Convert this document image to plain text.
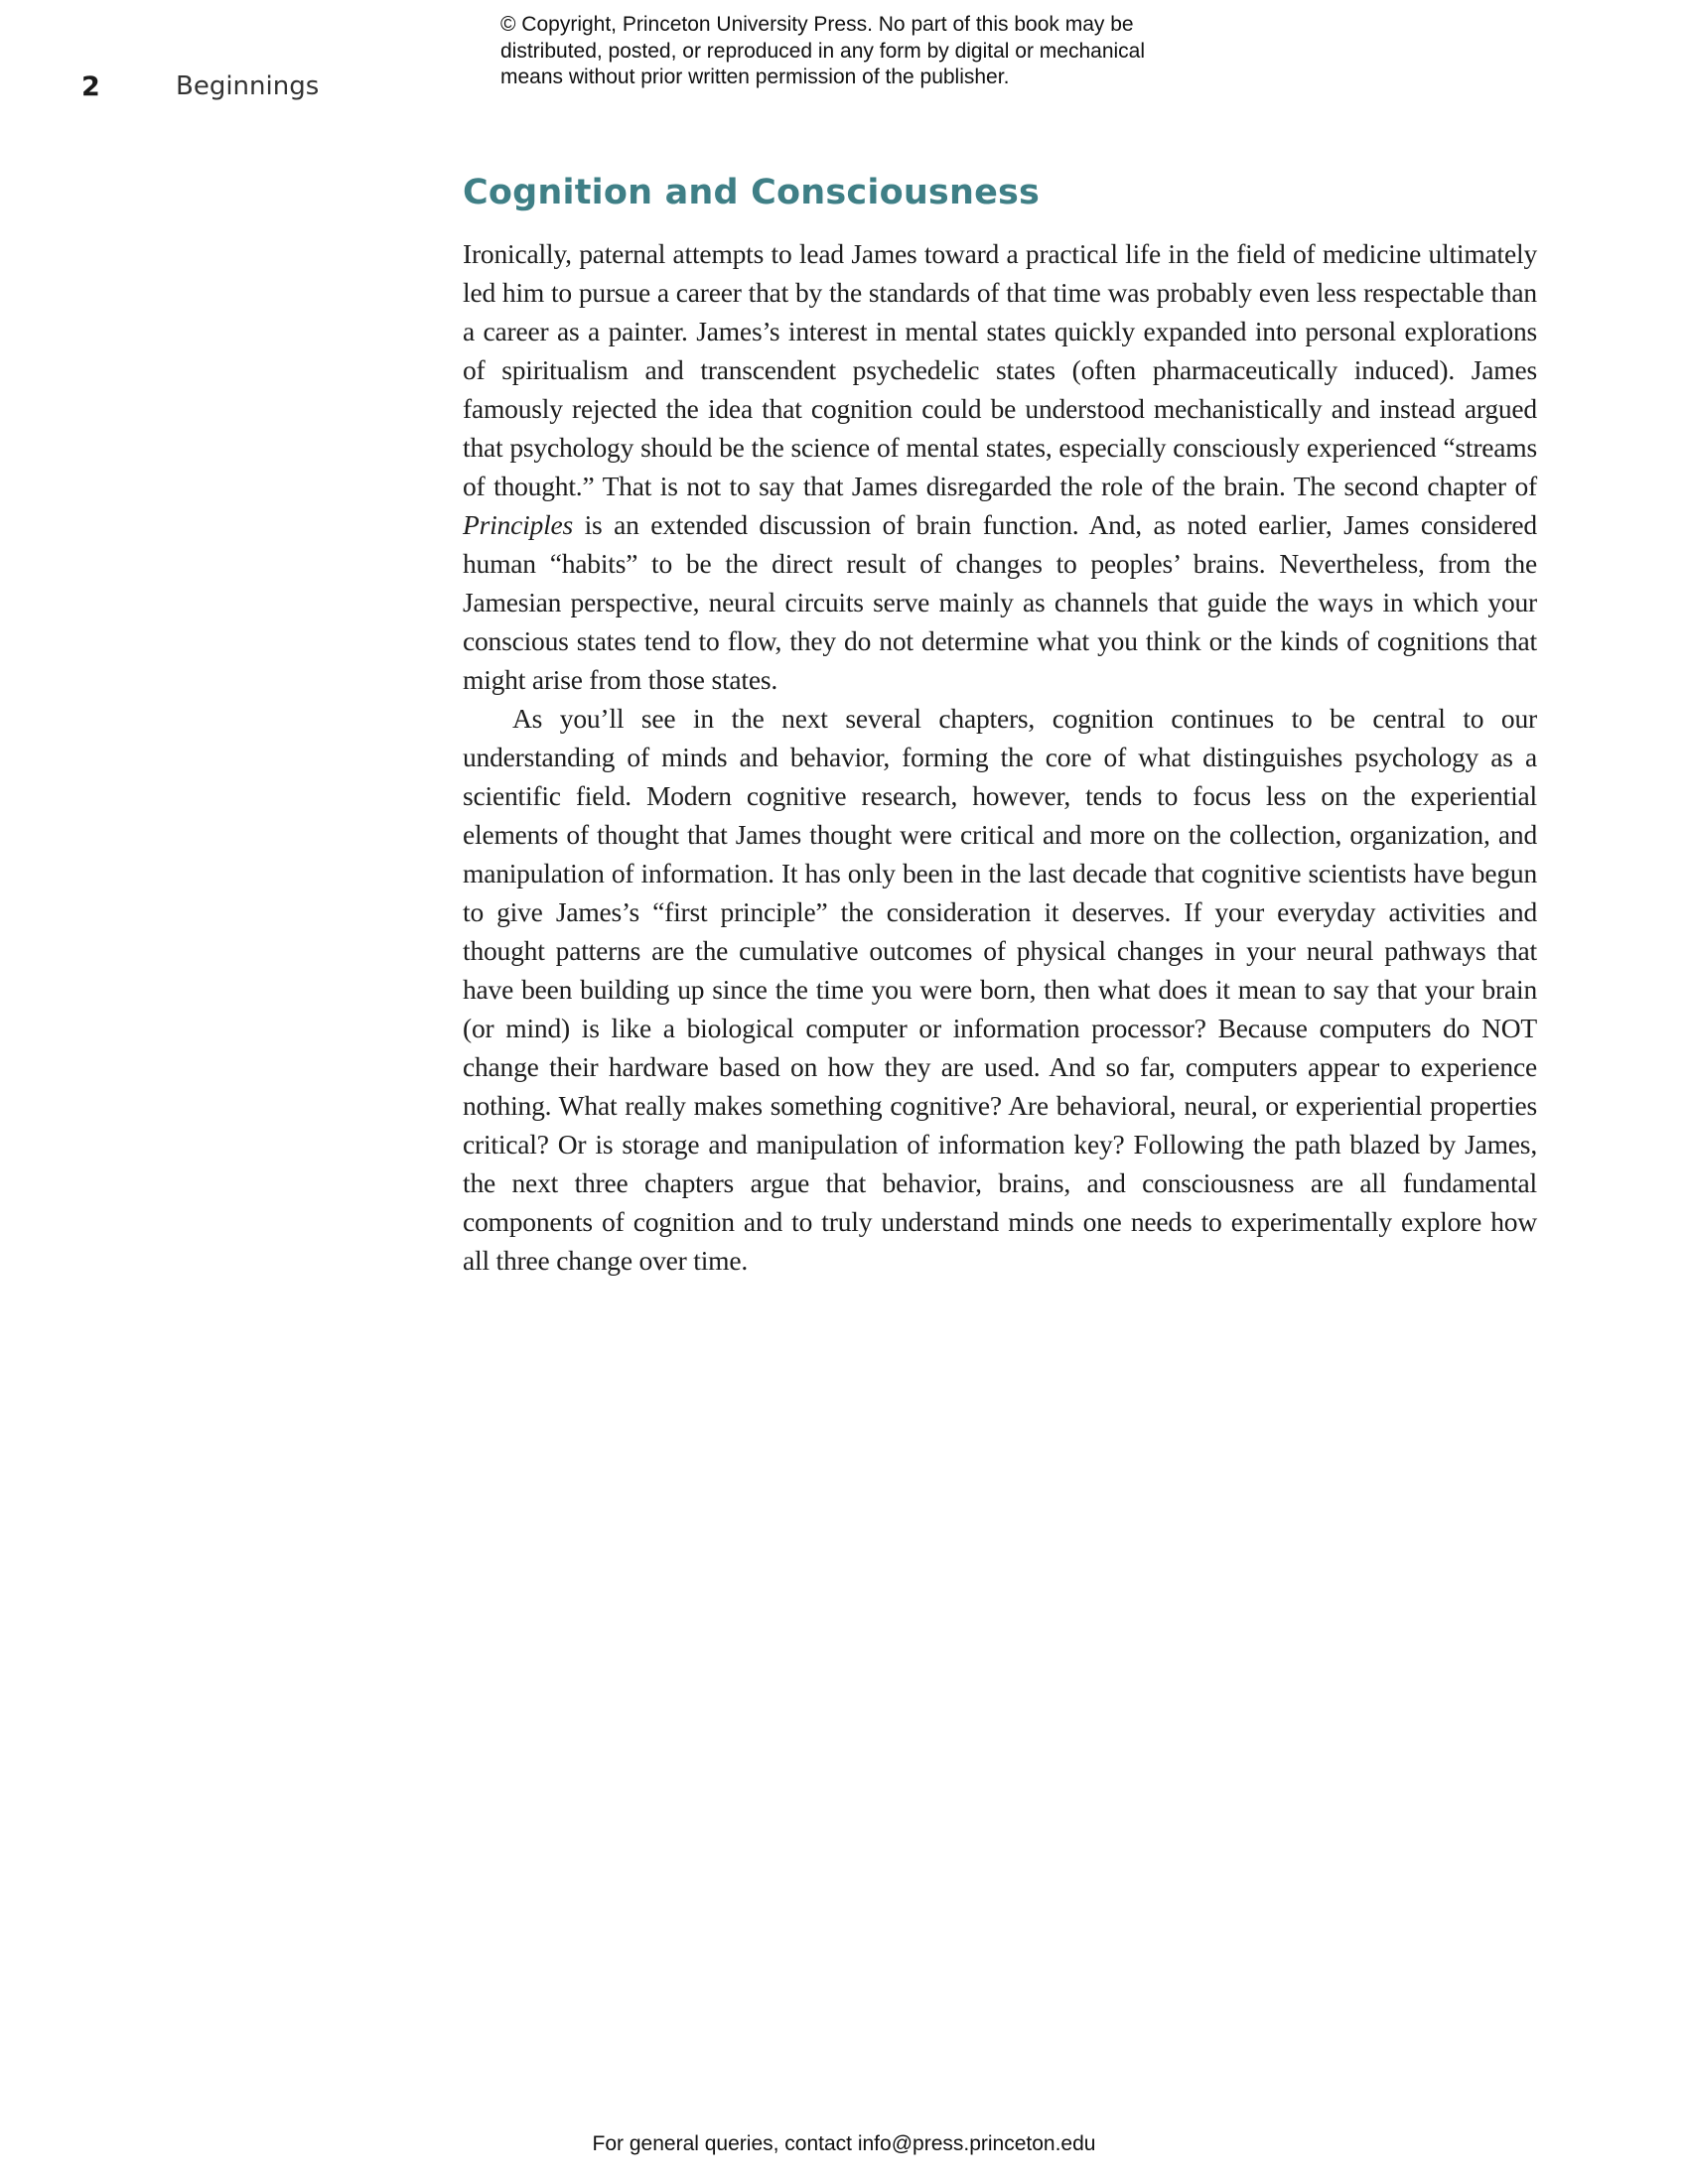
© Copyright, Princeton University Press. No part of this book may be
distributed, posted, or reproduced in any form by digital or mechanical
means without prior written permission of the publisher.
2	Beginnings
Cognition and Consciousness

Ironically, paternal attempts to lead James toward a practical life in the field of medicine ultimately led him to pursue a career that by the standards of that time was probably even less respectable than a career as a painter. James’s interest in mental states quickly expanded into personal explorations of spiritualism and transcendent psychedelic states (often pharmaceutically induced). James famously rejected the idea that cognition could be understood mechanistically and instead argued that psychology should be the science of mental states, especially consciously experienced “streams of thought.” That is not to say that James disregarded the role of the brain. The second chapter of Principles is an extended discussion of brain function. And, as noted earlier, James considered human “habits” to be the direct result of changes to peoples’ brains. Nevertheless, from the Jamesian perspective, neural circuits serve mainly as channels that guide the ways in which your conscious states tend to flow, they do not determine what you think or the kinds of cognitions that might arise from those states.

As you’ll see in the next several chapters, cognition continues to be central to our understanding of minds and behavior, forming the core of what distinguishes psychology as a scientific field. Modern cognitive research, however, tends to focus less on the experiential elements of thought that James thought were critical and more on the collection, organization, and manipulation of information. It has only been in the last decade that cognitive scientists have begun to give James’s “first principle” the consideration it deserves. If your everyday activities and thought patterns are the cumulative outcomes of physical changes in your neural pathways that have been building up since the time you were born, then what does it mean to say that your brain (or mind) is like a biological computer or information processor? Because computers do NOT change their hardware based on how they are used. And so far, computers appear to experience nothing. What really makes something cognitive? Are behavioral, neural, or experiential properties critical? Or is storage and manipulation of information key? Following the path blazed by James, the next three chapters argue that behavior, brains, and consciousness are all fundamental components of cognition and to truly understand minds one needs to experimentally explore how all three change over time.

For general queries, contact info@press.princeton.edu
